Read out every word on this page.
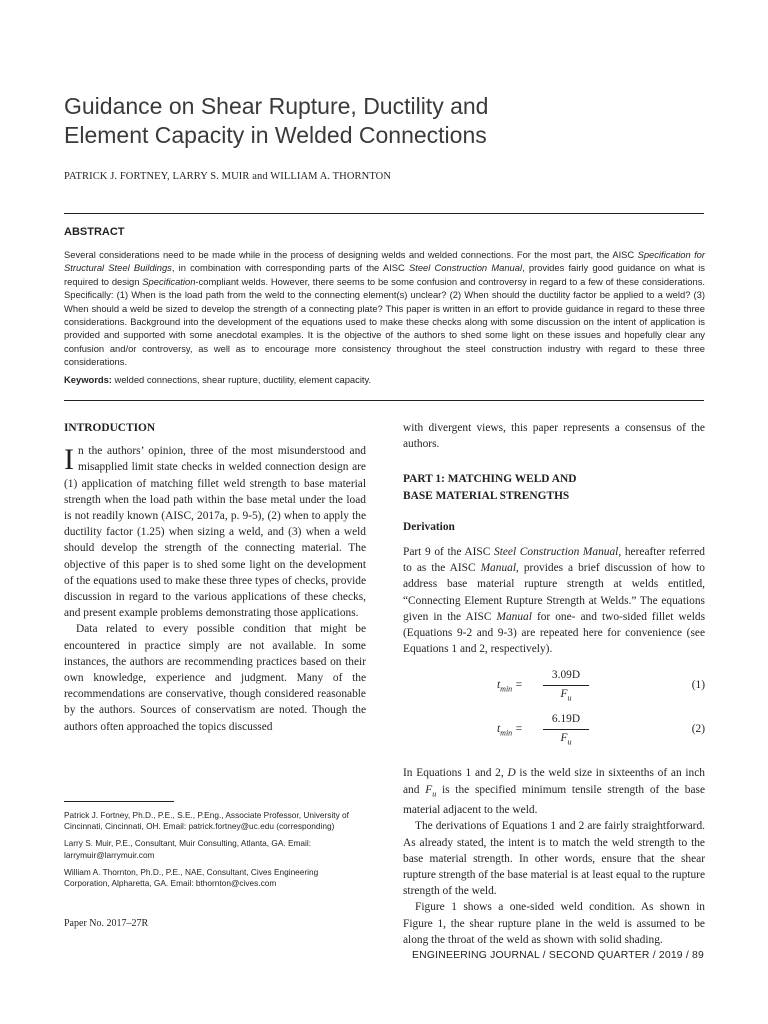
Guidance on Shear Rupture, Ductility and
Element Capacity in Welded Connections
PATRICK J. FORTNEY, LARRY S. MUIR and WILLIAM A. THORNTON
ABSTRACT

Several considerations need to be made while in the process of designing welds and welded connections. For the most part, the AISC Specification for Structural Steel Buildings, in combination with corresponding parts of the AISC Steel Construction Manual, provides fairly good guidance on what is required to design Specification-compliant welds. However, there seems to be some confusion and controversy in regard to a few of these considerations. Specifically: (1) When is the load path from the weld to the connecting element(s) unclear? (2) When should the ductility factor be applied to a weld? (3) When should a weld be sized to develop the strength of a connecting plate? This paper is written in an effort to provide guidance in regard to these three considerations. Background into the development of the equations used to make these checks along with some discussion on the intent of application is provided and supported with some anecdotal examples. It is the objective of the authors to shed some light on these issues and hopefully clear any confusion and/or controversy, as well as to encourage more consistency throughout the steel construction industry with regard to these three considerations.

Keywords: welded connections, shear rupture, ductility, element capacity.

INTRODUCTION

In the authors’ opinion, three of the most misunderstood and misapplied limit state checks in welded connection design are (1) application of matching fillet weld strength to base material strength when the load path within the base metal under the load is not readily known (AISC, 2017a, p. 9-5), (2) when to apply the ductility factor (1.25) when sizing a weld, and (3) when a weld should develop the strength of the connecting material. The objective of this paper is to shed some light on the development of the equations used to make these three types of checks, provide discussion in regard to the various applications of these checks, and present example problems demonstrating those applications.

Data related to every possible condition that might be encountered in practice simply are not available. In some instances, the authors are recommending practices based on their own knowledge, experience and judgment. Many of the recommendations are conservative, though considered reasonable by the authors. Sources of conservatism are noted. Though the authors often approached the topics discussed

with divergent views, this paper represents a consensus of the authors.

PART 1: MATCHING WELD AND
BASE MATERIAL STRENGTHS

Derivation

Part 9 of the AISC Steel Construction Manual, hereafter referred to as the AISC Manual, provides a brief discussion of how to address base material rupture strength at welds entitled, “Connecting Element Rupture Strength at Welds.” The equations given in the AISC Manual for one- and two-sided fillet welds (Equations 9-2 and 9-3) are repeated here for convenience (see Equations 1 and 2, respectively).

$t_{min} = \frac{3.09D}{F_u}$	(1)
$t_{min} = \frac{6.19D}{F_u}$	(2)

In Equations 1 and 2, D is the weld size in sixteenths of an inch and $F_u$ is the specified minimum tensile strength of the base material adjacent to the weld.

The derivations of Equations 1 and 2 are fairly straightforward. As already stated, the intent is to match the weld strength to the base material strength. In other words, ensure that the shear rupture strength of the base material is at least equal to the rupture strength of the weld.

Figure 1 shows a one-sided weld condition. As shown in Figure 1, the shear rupture plane in the weld is assumed to be along the throat of the weld as shown with solid shading.

Patrick J. Fortney, Ph.D., P.E., S.E., P.Eng., Associate Professor, University of Cincinnati, Cincinnati, OH. Email: patrick.fortney@uc.edu (corresponding)

Larry S. Muir, P.E., Consultant, Muir Consulting, Atlanta, GA. Email: larrymuir@larrymuir.com

William A. Thornton, Ph.D., P.E., NAE, Consultant, Cives Engineering Corporation, Alpharetta, GA. Email: bthornton@cives.com

Paper No. 2017–27R
ENGINEERING JOURNAL / SECOND QUARTER / 2019 / 89
